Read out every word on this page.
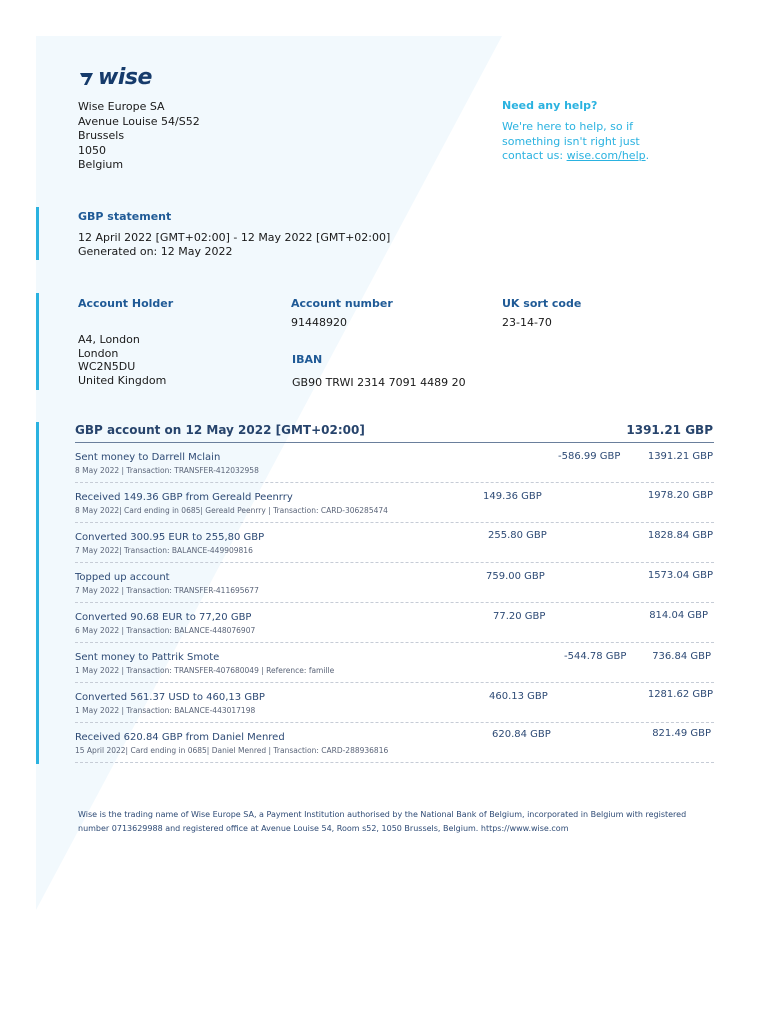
wise
Wise Europe SA
Avenue Louise 54/S52
Brussels
1050
Belgium
Need any help?
We're here to help, so if something isn't right just contact us: wise.com/help.
GBP statement
12 April 2022 [GMT+02:00] - 12 May 2022 [GMT+02:00]
Generated on: 12 May 2022
Account Holder
A4, London
London
WC2N5DU
United Kingdom
Account number
91448920
UK sort code
23-14-70
IBAN
GB90 TRWI 2314 7091 4489 20
GBP account on 12 May 2022 [GMT+02:00]	1391.21 GBP
Sent money to Darrell Mclain
8 May 2022 | Transaction: TRANSFER-412032958
-586.99 GBP	1391.21 GBP
Received 149.36 GBP from Gereald Peenrry
8 May 2022| Card ending in 0685| Gereald Peenrry | Transaction: CARD-306285474
149.36 GBP	1978.20 GBP
Converted 300.95 EUR to 255,80 GBP
7 May 2022| Transaction: BALANCE-449909816
255.80 GBP	1828.84 GBP
Topped up account
7 May 2022 | Transaction: TRANSFER-411695677
759.00 GBP	1573.04 GBP
Converted 90.68 EUR to 77,20 GBP
6 May 2022 | Transaction: BALANCE-448076907
77.20 GBP	814.04 GBP
Sent money to Pattrik Smote
1 May 2022 | Transaction: TRANSFER-407680049 | Reference: famille
-544.78 GBP	736.84 GBP
Converted 561.37 USD to 460,13 GBP
1 May 2022 | Transaction: BALANCE-443017198
460.13 GBP	1281.62 GBP
Received 620.84 GBP from Daniel Menred
15 April 2022| Card ending in 0685| Daniel Menred | Transaction: CARD-288936816
620.84 GBP	821.49 GBP
Wise is the trading name of Wise Europe SA, a Payment Institution authorised by the National Bank of Belgium, incorporated in Belgium with registered number 0713629988 and registered office at Avenue Louise 54, Room s52, 1050 Brussels, Belgium. https://www.wise.com
